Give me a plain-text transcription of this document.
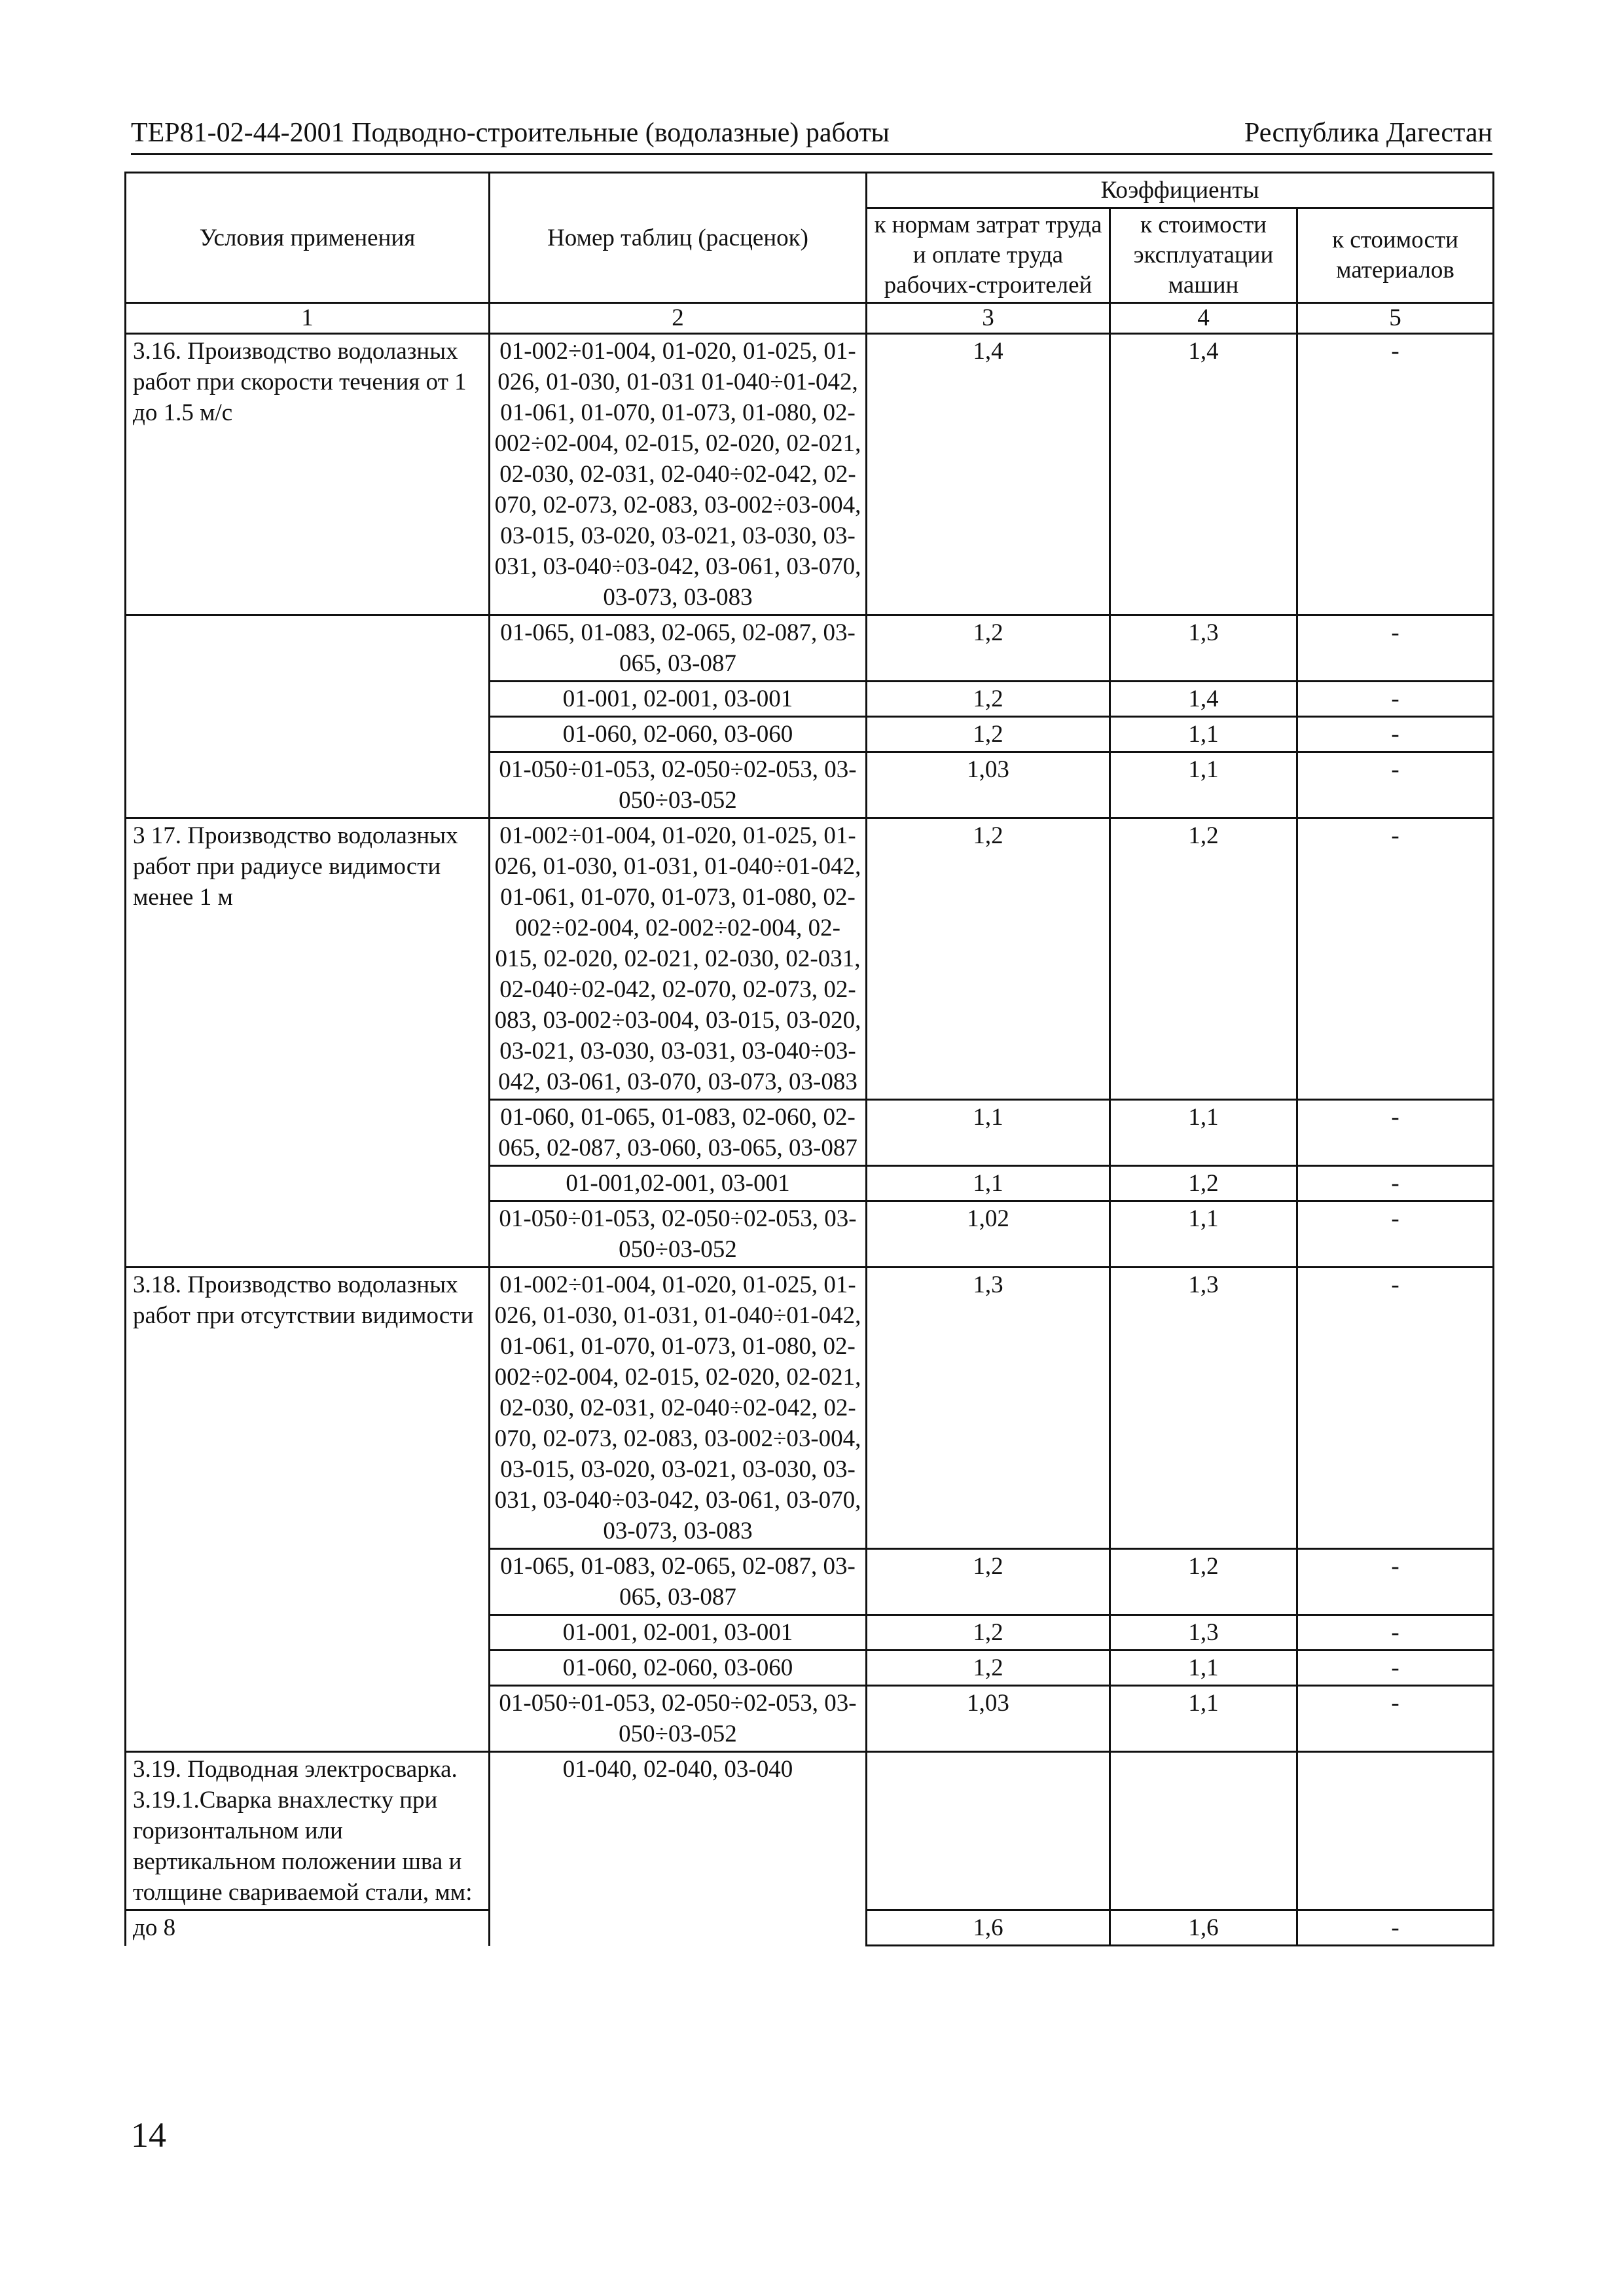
ТЕР81-02-44-2001 Подводно-строительные (водолазные) работы	Республика Дагестан
Условия применения	Номер таблиц (расценок)	Коэффициенты		
		к нормам затрат труда и оплате труда рабочих-строителей	к стоимости эксплуатации машин	к стоимости материалов
1	2	3	4	5
3.16. Производство водолазных работ при скорости течения от 1 до 1.5 м/с	01-002÷01-004, 01-020, 01-025, 01-026, 01-030, 01-031 01-040÷01-042, 01-061, 01-070, 01-073, 01-080, 02-002÷02-004, 02-015, 02-020, 02-021, 02-030, 02-031, 02-040÷02-042, 02-070, 02-073, 02-083, 03-002÷03-004, 03-015, 03-020, 03-021, 03-030, 03-031, 03-040÷03-042, 03-061, 03-070, 03-073, 03-083	1,4	1,4	-
	01-065, 01-083, 02-065, 02-087, 03-065, 03-087	1,2	1,3	-
	01-001, 02-001, 03-001	1,2	1,4	-
	01-060, 02-060, 03-060	1,2	1,1	-
	01-050÷01-053, 02-050÷02-053, 03-050÷03-052	1,03	1,1	-
3 17. Производство водолазных работ при радиусе видимости менее 1 м	01-002÷01-004, 01-020, 01-025, 01-026, 01-030, 01-031, 01-040÷01-042, 01-061, 01-070, 01-073, 01-080, 02-002÷02-004, 02-002÷02-004, 02-015, 02-020, 02-021, 02-030, 02-031, 02-040÷02-042, 02-070, 02-073, 02-083, 03-002÷03-004, 03-015, 03-020, 03-021, 03-030, 03-031, 03-040÷03-042, 03-061, 03-070, 03-073, 03-083	1,2	1,2	-
	01-060, 01-065, 01-083, 02-060, 02-065, 02-087, 03-060, 03-065, 03-087	1,1	1,1	-
	01-001,02-001, 03-001	1,1	1,2	-
	01-050÷01-053, 02-050÷02-053, 03-050÷03-052	1,02	1,1	-
3.18. Производство водолазных работ при отсутствии видимости	01-002÷01-004, 01-020, 01-025, 01-026, 01-030, 01-031, 01-040÷01-042, 01-061, 01-070, 01-073, 01-080, 02-002÷02-004, 02-015, 02-020, 02-021, 02-030, 02-031, 02-040÷02-042, 02-070, 02-073, 02-083, 03-002÷03-004, 03-015, 03-020, 03-021, 03-030, 03-031, 03-040÷03-042, 03-061, 03-070, 03-073, 03-083	1,3	1,3	-
	01-065, 01-083, 02-065, 02-087, 03-065, 03-087	1,2	1,2	-
	01-001, 02-001, 03-001	1,2	1,3	-
	01-060, 02-060, 03-060	1,2	1,1	-
	01-050÷01-053, 02-050÷02-053, 03-050÷03-052	1,03	1,1	-
3.19. Подводная электросварка. 3.19.1.Сварка внахлестку при горизонтальном или вертикальном положении шва и толщине свариваемой стали, мм:	01-040, 02-040, 03-040			
до 8		1,6	1,6	-
14
